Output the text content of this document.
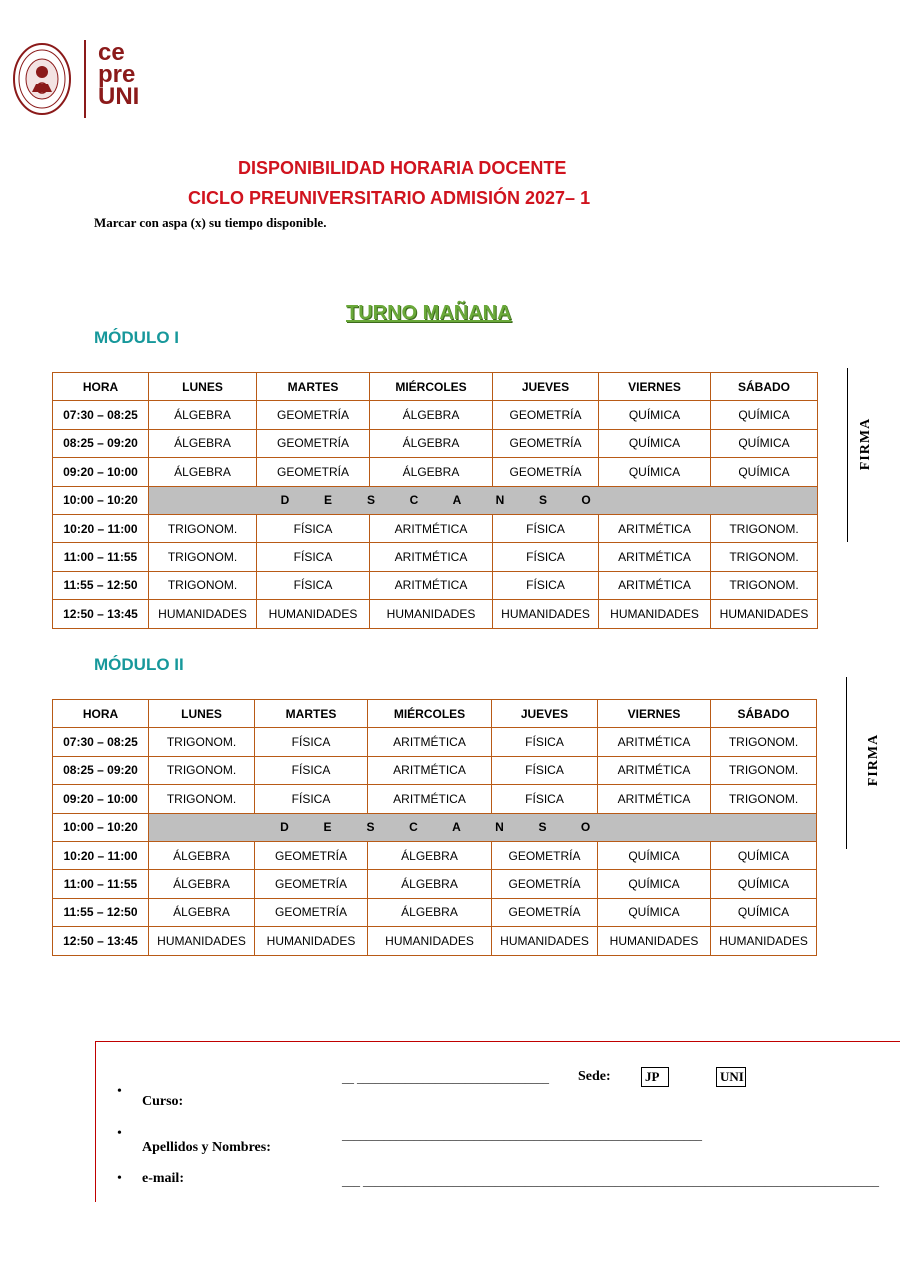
ce
pre
UNI
DISPONIBILIDAD HORARIA DOCENTE
CICLO PREUNIVERSITARIO ADMISIÓN 2027– 1
Marcar con aspa (x) su tiempo disponible.
TURNO MAÑANA
MÓDULO I
HORA	LUNES	MARTES	MIÉRCOLES	JUEVES	VIERNES	SÁBADO
07:30 – 08:25	ÁLGEBRA	GEOMETRÍA	ÁLGEBRA	GEOMETRÍA	QUÍMICA	QUÍMICA
08:25 – 09:20	ÁLGEBRA	GEOMETRÍA	ÁLGEBRA	GEOMETRÍA	QUÍMICA	QUÍMICA
09:20 – 10:00	ÁLGEBRA	GEOMETRÍA	ÁLGEBRA	GEOMETRÍA	QUÍMICA	QUÍMICA
10:00 – 10:20	D E S C A N S O					
10:20 – 11:00	TRIGONOM.	FÍSICA	ARITMÉTICA	FÍSICA	ARITMÉTICA	TRIGONOM.
11:00 – 11:55	TRIGONOM.	FÍSICA	ARITMÉTICA	FÍSICA	ARITMÉTICA	TRIGONOM.
11:55 – 12:50	TRIGONOM.	FÍSICA	ARITMÉTICA	FÍSICA	ARITMÉTICA	TRIGONOM.
12:50 – 13:45	HUMANIDADES	HUMANIDADES	HUMANIDADES	HUMANIDADES	HUMANIDADES	HUMANIDADES
FIRMA
MÓDULO II
HORA	LUNES	MARTES	MIÉRCOLES	JUEVES	VIERNES	SÁBADO
07:30 – 08:25	TRIGONOM.	FÍSICA	ARITMÉTICA	FÍSICA	ARITMÉTICA	TRIGONOM.
08:25 – 09:20	TRIGONOM.	FÍSICA	ARITMÉTICA	FÍSICA	ARITMÉTICA	TRIGONOM.
09:20 – 10:00	TRIGONOM.	FÍSICA	ARITMÉTICA	FÍSICA	ARITMÉTICA	TRIGONOM.
10:00 – 10:20	D E S C A N S O					
10:20 – 11:00	ÁLGEBRA	GEOMETRÍA	ÁLGEBRA	GEOMETRÍA	QUÍMICA	QUÍMICA
11:00 – 11:55	ÁLGEBRA	GEOMETRÍA	ÁLGEBRA	GEOMETRÍA	QUÍMICA	QUÍMICA
11:55 – 12:50	ÁLGEBRA	GEOMETRÍA	ÁLGEBRA	GEOMETRÍA	QUÍMICA	QUÍMICA
12:50 – 13:45	HUMANIDADES	HUMANIDADES	HUMANIDADES	HUMANIDADES	HUMANIDADES	HUMANIDADES
FIRMA
•
Curso:
__ ________________________________ Sede:	JP	UNI
•
Apellidos y Nombres:
____________________________________________________________
• e-mail:	___ ______________________________________________________________________________________
